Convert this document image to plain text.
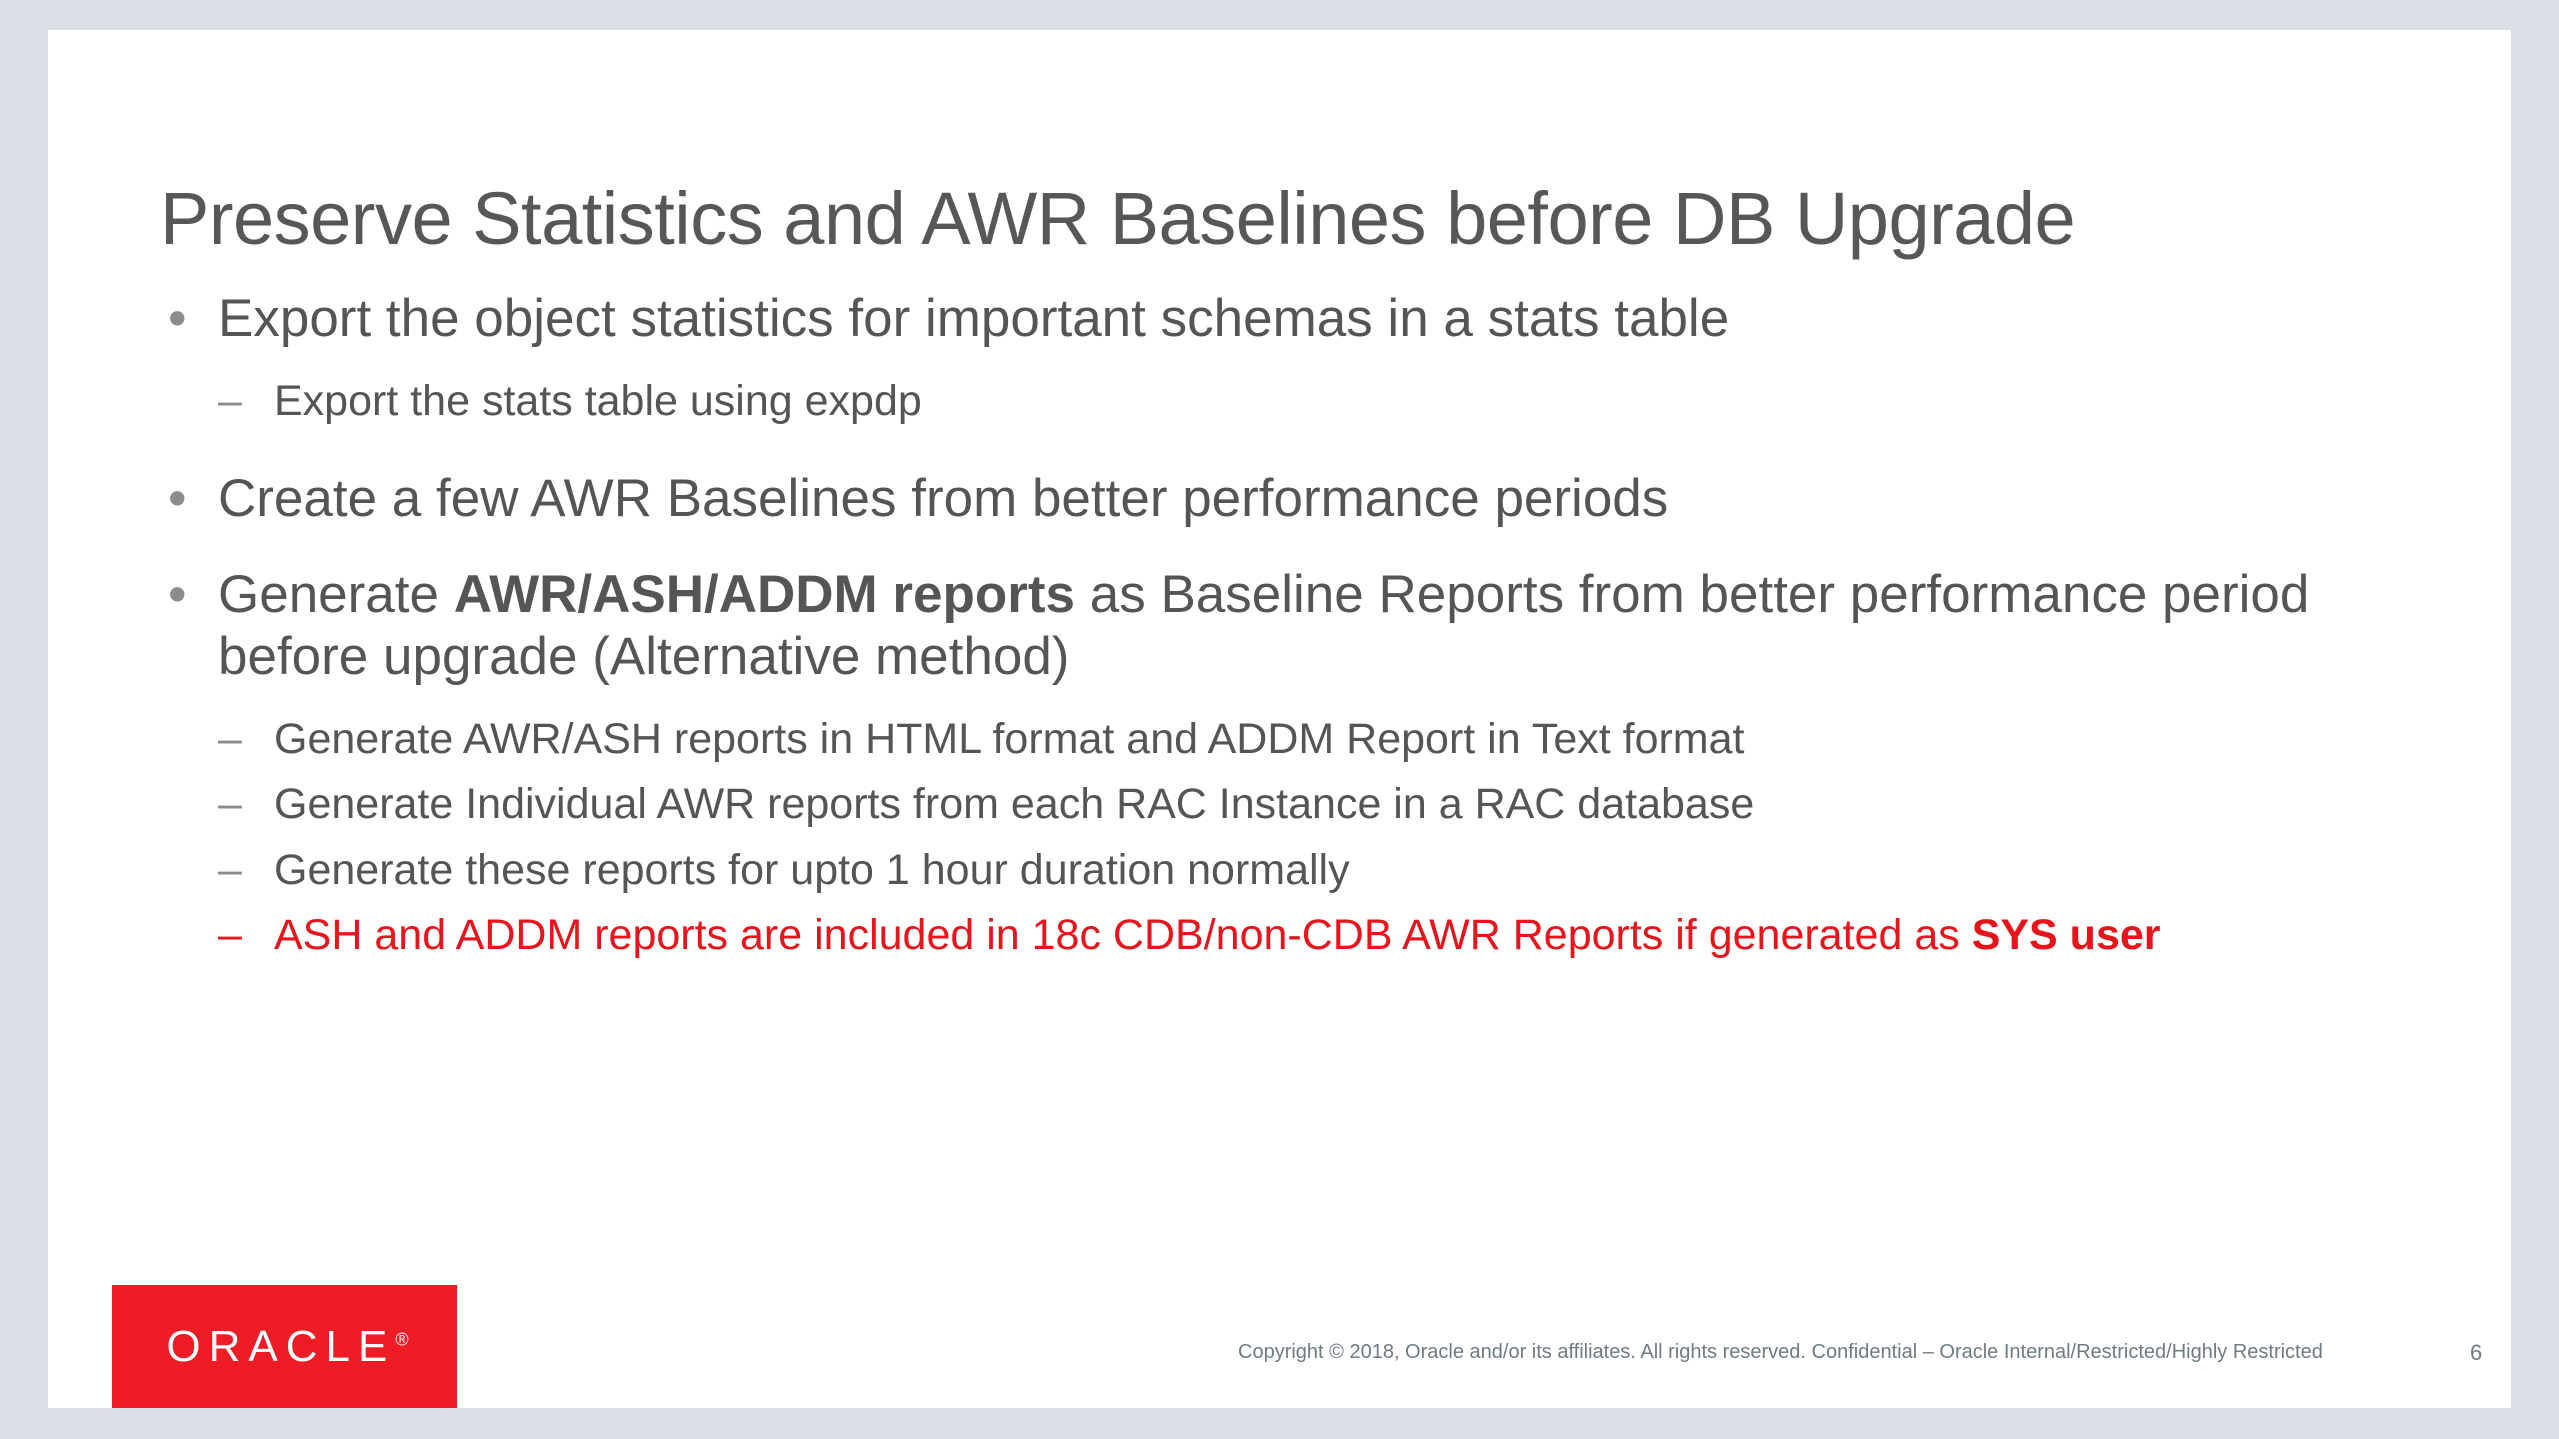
Preserve Statistics and AWR Baselines before DB Upgrade
• Export the object statistics for important schemas in a stats table
– Export the stats table using expdp
• Create a few AWR Baselines from better performance periods
• Generate AWR/ASH/ADDM reports as Baseline Reports from better performance period before upgrade (Alternative method)
– Generate AWR/ASH reports in HTML format and ADDM Report in Text format
– Generate Individual AWR reports from each RAC Instance in a RAC database
– Generate these reports for upto 1 hour duration normally
– ASH and ADDM reports are included in 18c CDB/non-CDB AWR Reports if generated as SYS user
ORACLE®
Copyright © 2018, Oracle and/or its affiliates. All rights reserved. Confidential – Oracle Internal/Restricted/Highly Restricted	6
